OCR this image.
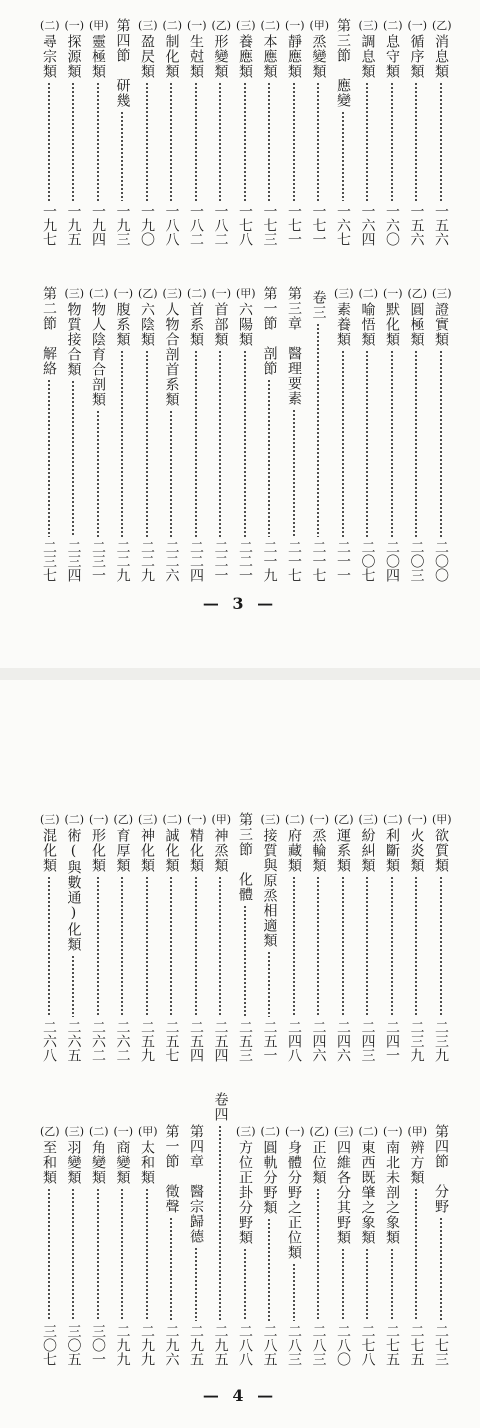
— 3 —
(乙)
消息類
一五六
(一)
循序類
一五六
(二)
息守類
一六〇
(三)
調息類
一六四
第三節　應變
一六七
(甲)
烝變類
一七一
(一)
靜應類
一七一
(二)
本應類
一七三
(三)
養應類
一七八
(乙)
形變類
一八二
(一)
生尅類
一八二
(二)
制化類
一八八
(三)
盈昃類
一九〇
第四節　研幾
一九三
(甲)
靈極類
一九四
(一)
探源類
一九五
(二)
尋宗類
一九七
(三)
證實類
二〇〇
(乙)
圓極類
二〇三
(一)
默化類
二〇四
(二)
喻悟類
二〇七
(三)
素養類
二一一
卷三
二一七
第三章　醫理要素
二一七
第一節　剖節
二一九
(甲)
六陽類
二二一
(一)
首部類
二二一
(二)
首系類
二二四
(三)
人物合剖首系類
二二六
(乙)
六陰類
二二九
(一)
腹系類
二二九
(二)
物人陰育合剖類
二三一
(三)
物質接合類
二三四
第二節　解絡
二三七
— 4 —
(甲)
欲質類
二三九
(一)
火炎類
二三九
(二)
利斷類
二四一
(三)
紛糾類
二四三
(乙)
運系類
二四六
(一)
烝輪類
二四六
(二)
府藏類
二四八
(三)
接質與原烝相適類
二五一
第三節　化體
二五三
(甲)
神烝類
二五四
(一)
精化類
二五四
(二)
誠化類
二五七
(三)
神化類
二五九
(乙)
育厚類
二六二
(一)
形化類
二六二
(二)
術(與數通)化類
二六五
(三)
混化類
二六八
第四節　分野
二七三
(甲)
辨方類
二七五
(一)
南北未剖之象類
二七五
(二)
東西既肇之象類
二七八
(三)
四維各分其野類
二八〇
(乙)
正位類
二八三
(一)
身體分野之正位類
二八三
(二)
圓軌分野類
二八五
(三)
方位正卦分野類
二八八
卷四
二九五
第四章　醫宗歸德
二九五
第一節　徵聲
二九六
(甲)
太和類
二九九
(一)
商變類
二九九
(二)
角變類
三〇一
(三)
羽變類
三〇五
(乙)
至和類
三〇七
